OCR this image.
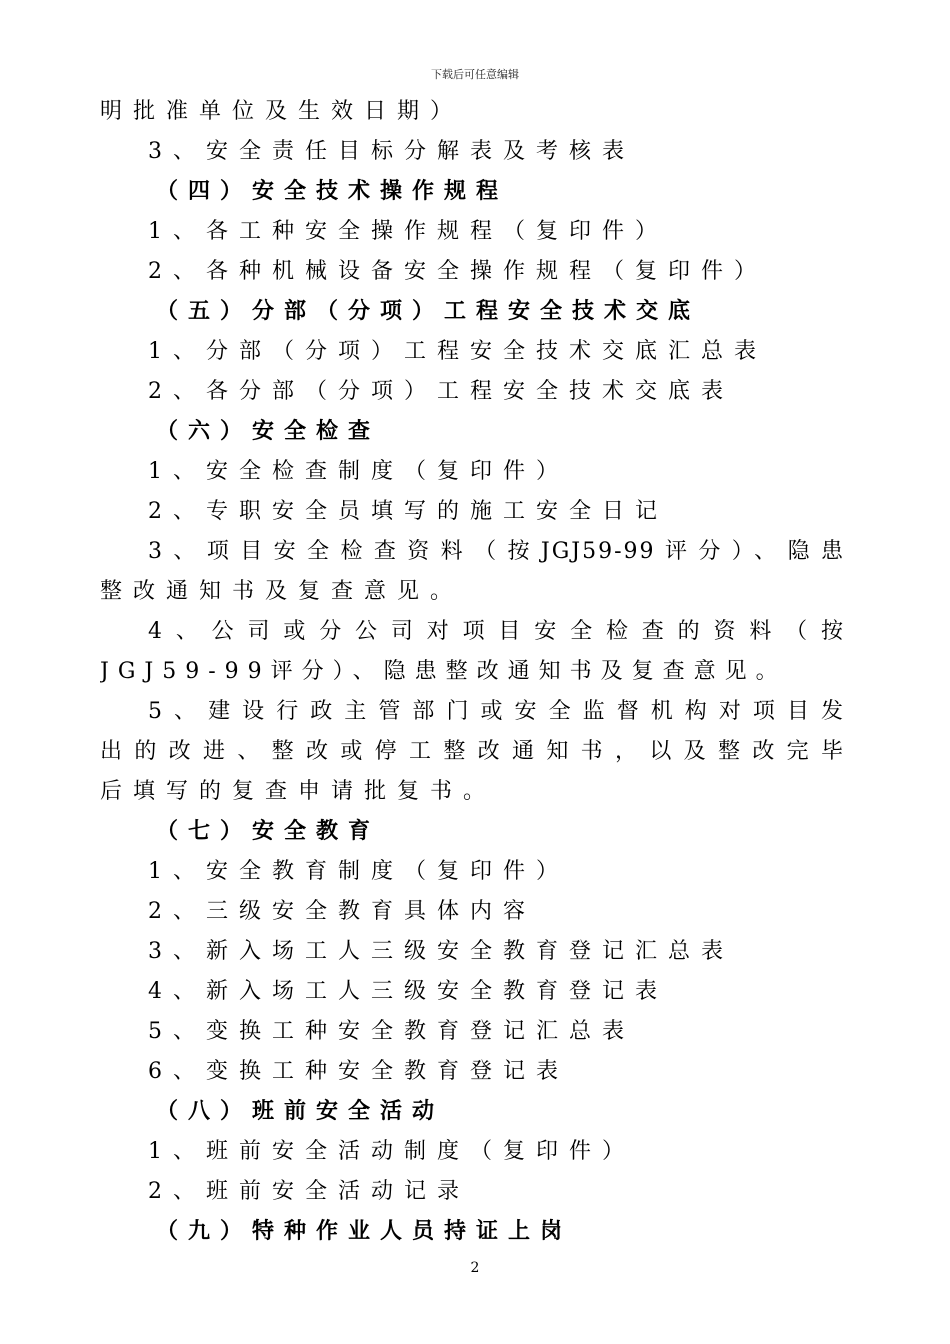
下载后可任意编辑
明批准单位及生效日期）
3、安全责任目标分解表及考核表
（四）安全技术操作规程
1、各工种安全操作规程（复印件）
2、各种机械设备安全操作规程（复印件）
（五）分部（分项）工程安全技术交底
1、分部（分项）工程安全技术交底汇总表
2、各分部（分项）工程安全技术交底表
（六）安全检查
1、安全检查制度（复印件）
2、专职安全员填写的施工安全日记
3、项目安全检查资料（按JGJ59-99评分）、隐患
整改通知书及复查意见。
4、公司或分公司对项目安全检查的资料（按
JGJ59-99评分）、隐患整改通知书及复查意见。
5、建设行政主管部门或安全监督机构对项目发
出的改进、整改或停工整改通知书，以及整改完毕
后填写的复查申请批复书。
（七）安全教育
1、安全教育制度（复印件）
2、三级安全教育具体内容
3、新入场工人三级安全教育登记汇总表
4、新入场工人三级安全教育登记表
5、变换工种安全教育登记汇总表
6、变换工种安全教育登记表
（八）班前安全活动
1、班前安全活动制度（复印件）
2、班前安全活动记录
（九）特种作业人员持证上岗
2
